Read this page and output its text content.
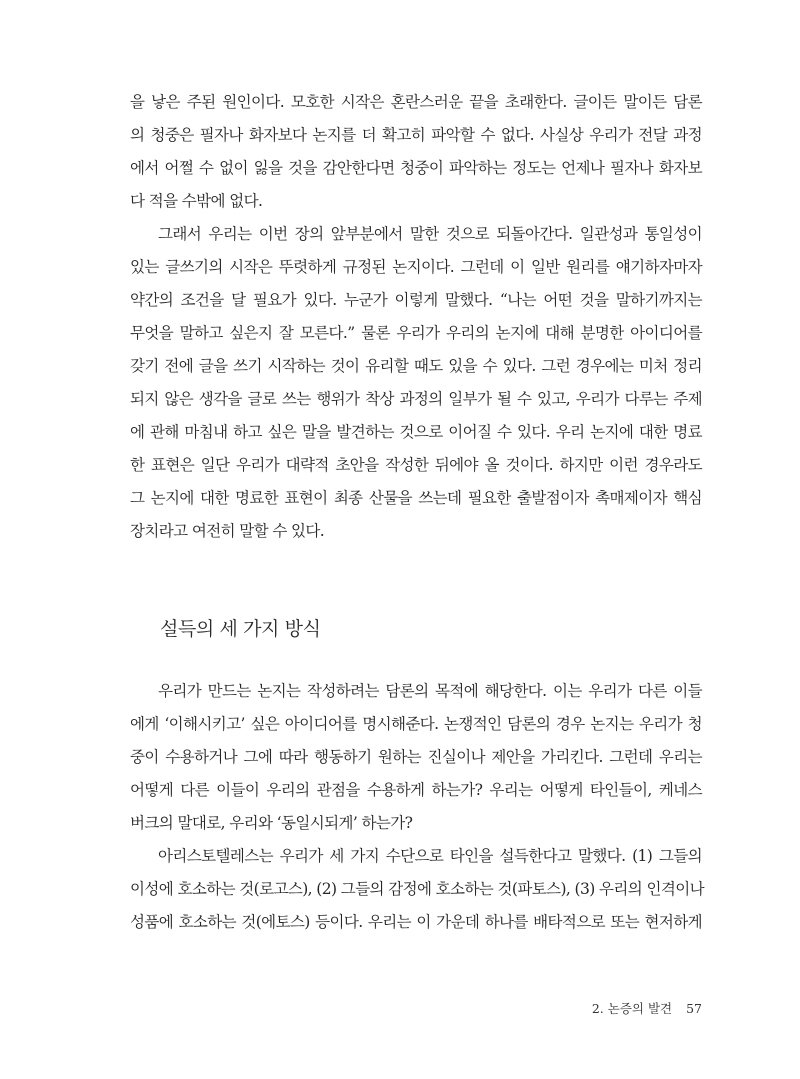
을 낳은 주된 원인이다. 모호한 시작은 혼란스러운 끝을 초래한다. 글이든 말이든 담론
의 청중은 필자나 화자보다 논지를 더 확고히 파악할 수 없다. 사실상 우리가 전달 과정
에서 어쩔 수 없이 잃을 것을 감안한다면 청중이 파악하는 정도는 언제나 필자나 화자보
다 적을 수밖에 없다.
그래서 우리는 이번 장의 앞부분에서 말한 것으로 되돌아간다. 일관성과 통일성이
있는 글쓰기의 시작은 뚜렷하게 규정된 논지이다. 그런데 이 일반 원리를 얘기하자마자
약간의 조건을 달 필요가 있다. 누군가 이렇게 말했다. “나는 어떤 것을 말하기까지는
무엇을 말하고 싶은지 잘 모른다.” 물론 우리가 우리의 논지에 대해 분명한 아이디어를
갖기 전에 글을 쓰기 시작하는 것이 유리할 때도 있을 수 있다. 그런 경우에는 미처 정리
되지 않은 생각을 글로 쓰는 행위가 착상 과정의 일부가 될 수 있고, 우리가 다루는 주제
에 관해 마침내 하고 싶은 말을 발견하는 것으로 이어질 수 있다. 우리 논지에 대한 명료
한 표현은 일단 우리가 대략적 초안을 작성한 뒤에야 올 것이다. 하지만 이런 경우라도
그 논지에 대한 명료한 표현이 최종 산물을 쓰는데 필요한 출발점이자 촉매제이자 핵심
장치라고 여전히 말할 수 있다.
설득의 세 가지 방식
우리가 만드는 논지는 작성하려는 담론의 목적에 해당한다. 이는 우리가 다른 이들
에게 ‘이해시키고’ 싶은 아이디어를 명시해준다. 논쟁적인 담론의 경우 논지는 우리가 청
중이 수용하거나 그에 따라 행동하기 원하는 진실이나 제안을 가리킨다. 그런데 우리는
어떻게 다른 이들이 우리의 관점을 수용하게 하는가? 우리는 어떻게 타인들이, 케네스
버크의 말대로, 우리와 ‘동일시되게’ 하는가?
아리스토텔레스는 우리가 세 가지 수단으로 타인을 설득한다고 말했다. (1) 그들의
이성에 호소하는 것(로고스), (2) 그들의 감정에 호소하는 것(파토스), (3) 우리의 인격이나
성품에 호소하는 것(에토스) 등이다. 우리는 이 가운데 하나를 배타적으로 또는 현저하게
2. 논증의 발견 57
